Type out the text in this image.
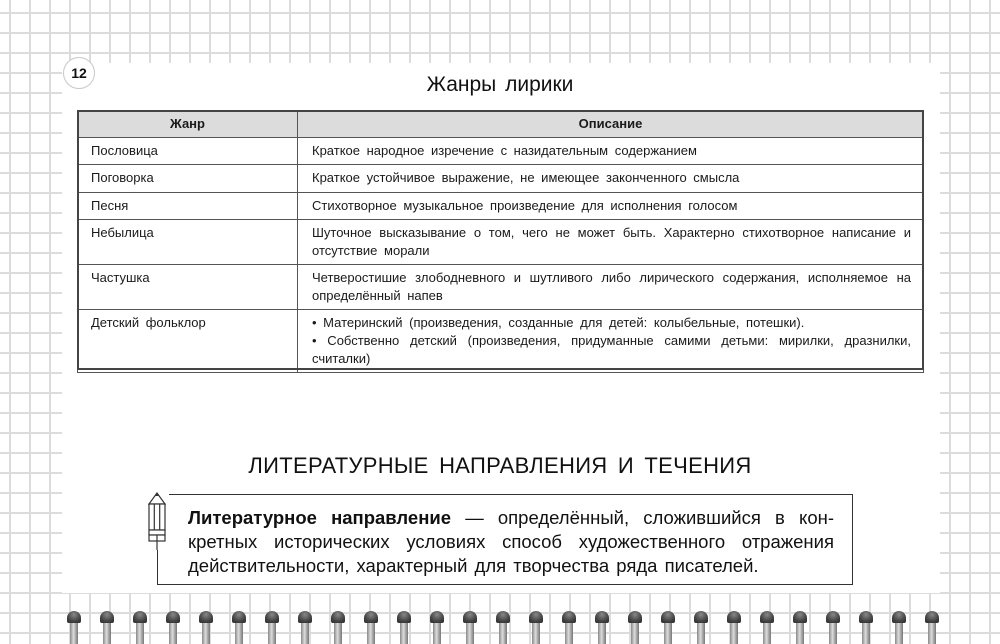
12	Жанры лирики
Жанр	Описание
Пословица	Краткое народное изречение с назидательным содержанием
Поговорка	Краткое устойчивое выражение, не имеющее законченного смысла
Песня	Стихотворное музыкальное произведение для исполнения голосом
Небылица	Шуточное высказывание о том, чего не может быть. Характерно стихотворное написание и отсутствие морали
Частушка	Четверостишие злободневного и шутливого либо лирического содержания, исполняемое на определённый напев
Детский фольклор	• Материнский (произведения, созданные для детей: колыбельные, потешки).
• Собственно детский (произведения, придуманные самими детьми: мирилки, дразнилки, считалки)
ЛИТЕРАТУРНЫЕ НАПРАВЛЕНИЯ И ТЕЧЕНИЯ
Литературное направление — определённый, сложившийся в конкретных исторических условиях способ художественного отражения действительности, характерный для творчества ряда писателей.
